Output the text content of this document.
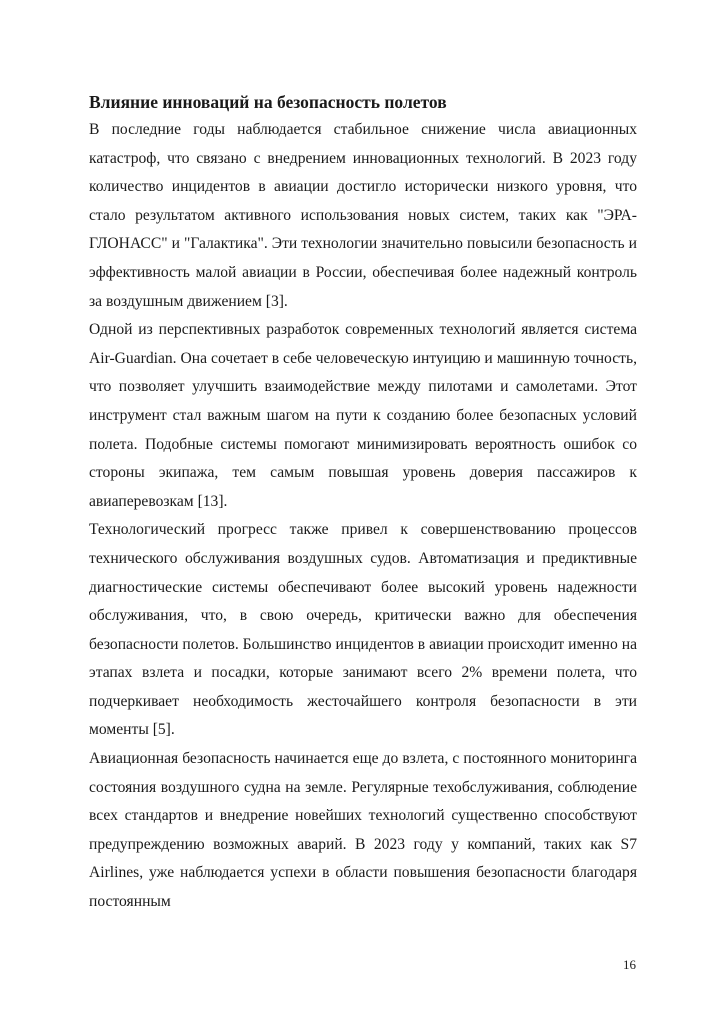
Влияние инноваций на безопасность полетов

В последние годы наблюдается стабильное снижение числа авиационных катастроф, что связано с внедрением инновационных технологий. В 2023 году количество инцидентов в авиации достигло исторически низкого уровня, что стало результатом активного использования новых систем, таких как "ЭРА-ГЛОНАСС" и "Галактика". Эти технологии значительно повысили безопасность и эффективность малой авиации в России, обеспечивая более надежный контроль за воздушным движением [3].

Одной из перспективных разработок современных технологий является система Air-Guardian. Она сочетает в себе человеческую интуицию и машинную точность, что позволяет улучшить взаимодействие между пилотами и самолетами. Этот инструмент стал важным шагом на пути к созданию более безопасных условий полета. Подобные системы помогают минимизировать вероятность ошибок со стороны экипажа, тем самым повышая уровень доверия пассажиров к авиаперевозкам [13].

Технологический прогресс также привел к совершенствованию процессов технического обслуживания воздушных судов. Автоматизация и предиктивные диагностические системы обеспечивают более высокий уровень надежности обслуживания, что, в свою очередь, критически важно для обеспечения безопасности полетов. Большинство инцидентов в авиации происходит именно на этапах взлета и посадки, которые занимают всего 2% времени полета, что подчеркивает необходимость жесточайшего контроля безопасности в эти моменты [5].

Авиационная безопасность начинается еще до взлета, с постоянного мониторинга состояния воздушного судна на земле. Регулярные техобслуживания, соблюдение всех стандартов и внедрение новейших технологий существенно способствуют предупреждению возможных аварий. В 2023 году у компаний, таких как S7 Airlines, уже наблюдается успехи в области повышения безопасности благодаря постоянным

16
